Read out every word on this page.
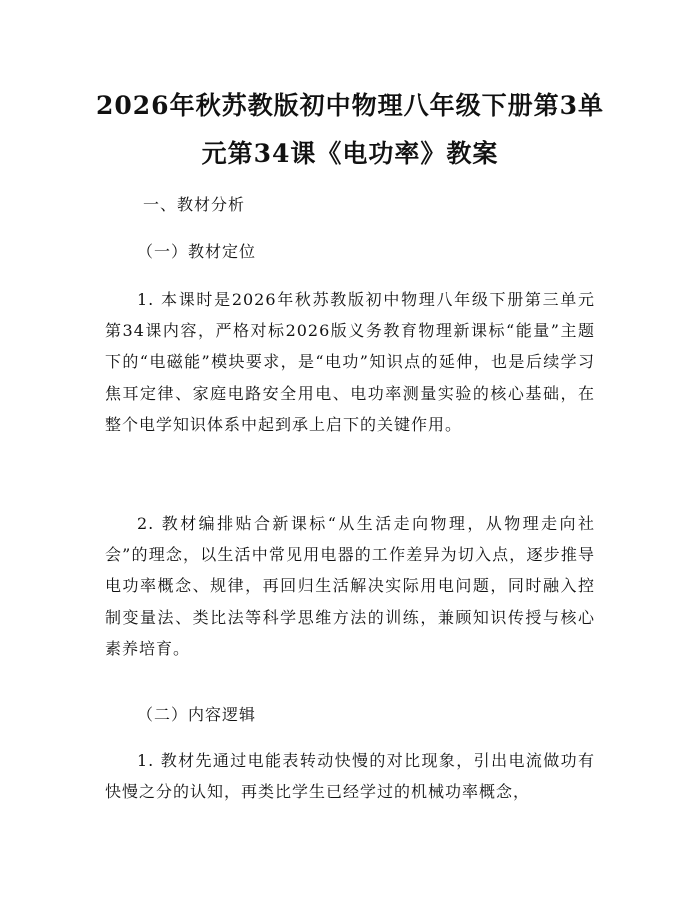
2026年秋苏教版初中物理八年级下册第3单
元第34课《电功率》教案
一、教材分析
（一）教材定位
1. 本课时是2026年秋苏教版初中物理八年级下册第三单元第34课内容，严格对标2026版义务教育物理新课标“能量”主题下的“电磁能”模块要求，是“电功”知识点的延伸，也是后续学习焦耳定律、家庭电路安全用电、电功率测量实验的核心基础，在整个电学知识体系中起到承上启下的关键作用。
2. 教材编排贴合新课标“从生活走向物理，从物理走向社会”的理念，以生活中常见用电器的工作差异为切入点，逐步推导电功率概念、规律，再回归生活解决实际用电问题，同时融入控制变量法、类比法等科学思维方法的训练，兼顾知识传授与核心素养培育。
（二）内容逻辑
1. 教材先通过电能表转动快慢的对比现象，引出电流做功有快慢之分的认知，再类比学生已经学过的机械功率概念，
